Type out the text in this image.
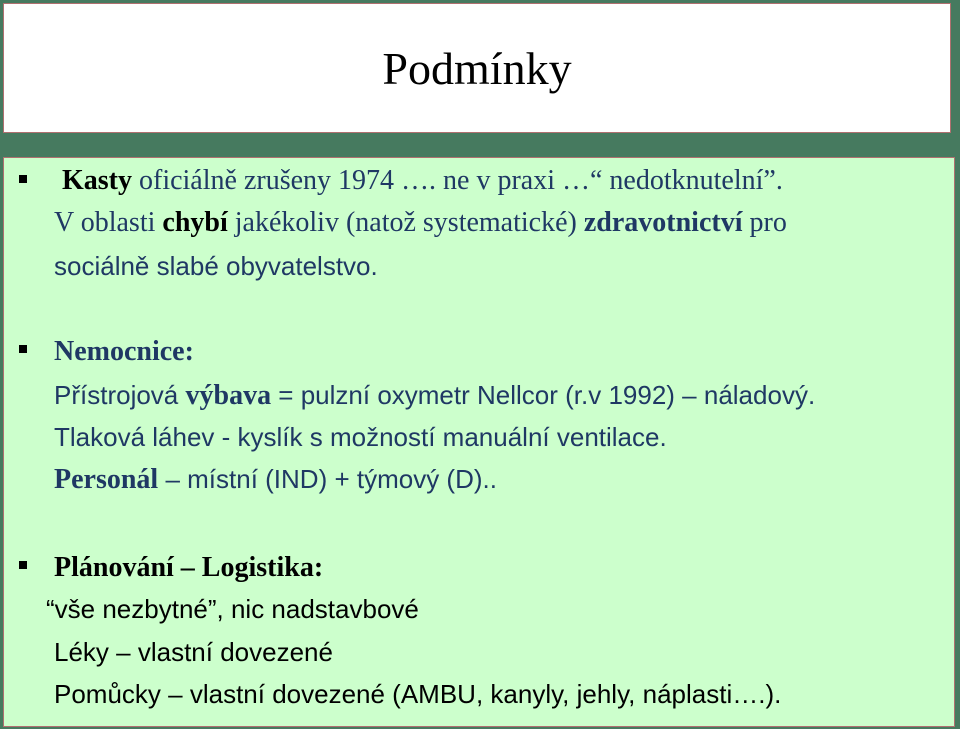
Podmínky
Kasty oficiálně zrušeny 1974 …. ne v praxi …“ nedotknutelní”.
V oblasti chybí jakékoliv (natož systematické) zdravotnictví pro
sociálně slabé obyvatelstvo.
Nemocnice:
Přístrojová výbava = pulzní oxymetr Nellcor (r.v 1992) – náladový.
Tlaková láhev - kyslík s možností manuální ventilace.
Personál – místní (IND) + týmový (D)..
Plánování – Logistika:
“vše nezbytné”, nic nadstavbové
Léky – vlastní dovezené
Pomůcky – vlastní dovezené (AMBU, kanyly, jehly, náplasti….).
